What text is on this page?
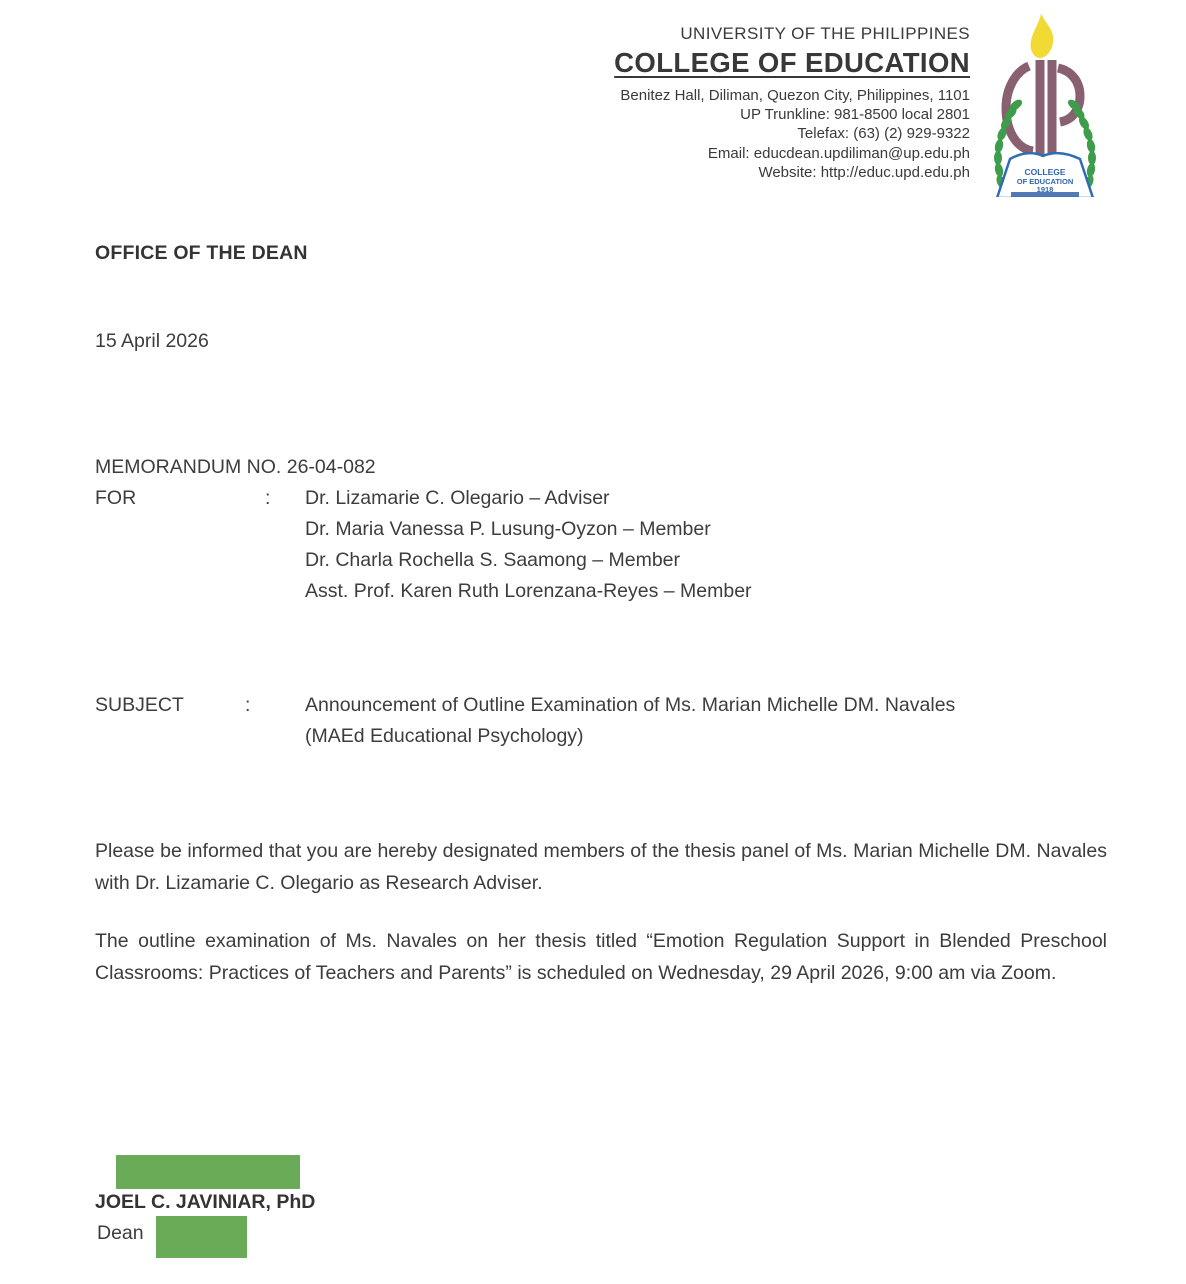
UNIVERSITY OF THE PHILIPPINES
COLLEGE OF EDUCATION
Benitez Hall, Diliman, Quezon City, Philippines, 1101
UP Trunkline: 981-8500 local 2801
Telefax: (63) (2) 929-9322
Email: educdean.updiliman@up.edu.ph
Website: http://educ.upd.edu.ph	COLLEGE
OF EDUCATION
1918
OFFICE OF THE DEAN
15 April 2026
MEMORANDUM NO. 26-04-082
FOR	:	Dr. Lizamarie C. Olegario – Adviser
Dr. Maria Vanessa P. Lusung-Oyzon – Member
Dr. Charla Rochella S. Saamong – Member
Asst. Prof. Karen Ruth Lorenzana-Reyes – Member
SUBJECT	:	Announcement of Outline Examination of Ms. Marian Michelle DM. Navales
(MAEd Educational Psychology)
Please be informed that you are hereby designated members of the thesis panel of Ms. Marian Michelle DM. Navales with Dr. Lizamarie C. Olegario as Research Adviser.
The outline examination of Ms. Navales on her thesis titled “Emotion Regulation Support in Blended Preschool Classrooms: Practices of Teachers and Parents” is scheduled on Wednesday, 29 April 2026, 9:00 am via Zoom.
JOEL C. JAVINIAR, PhD
Dean
